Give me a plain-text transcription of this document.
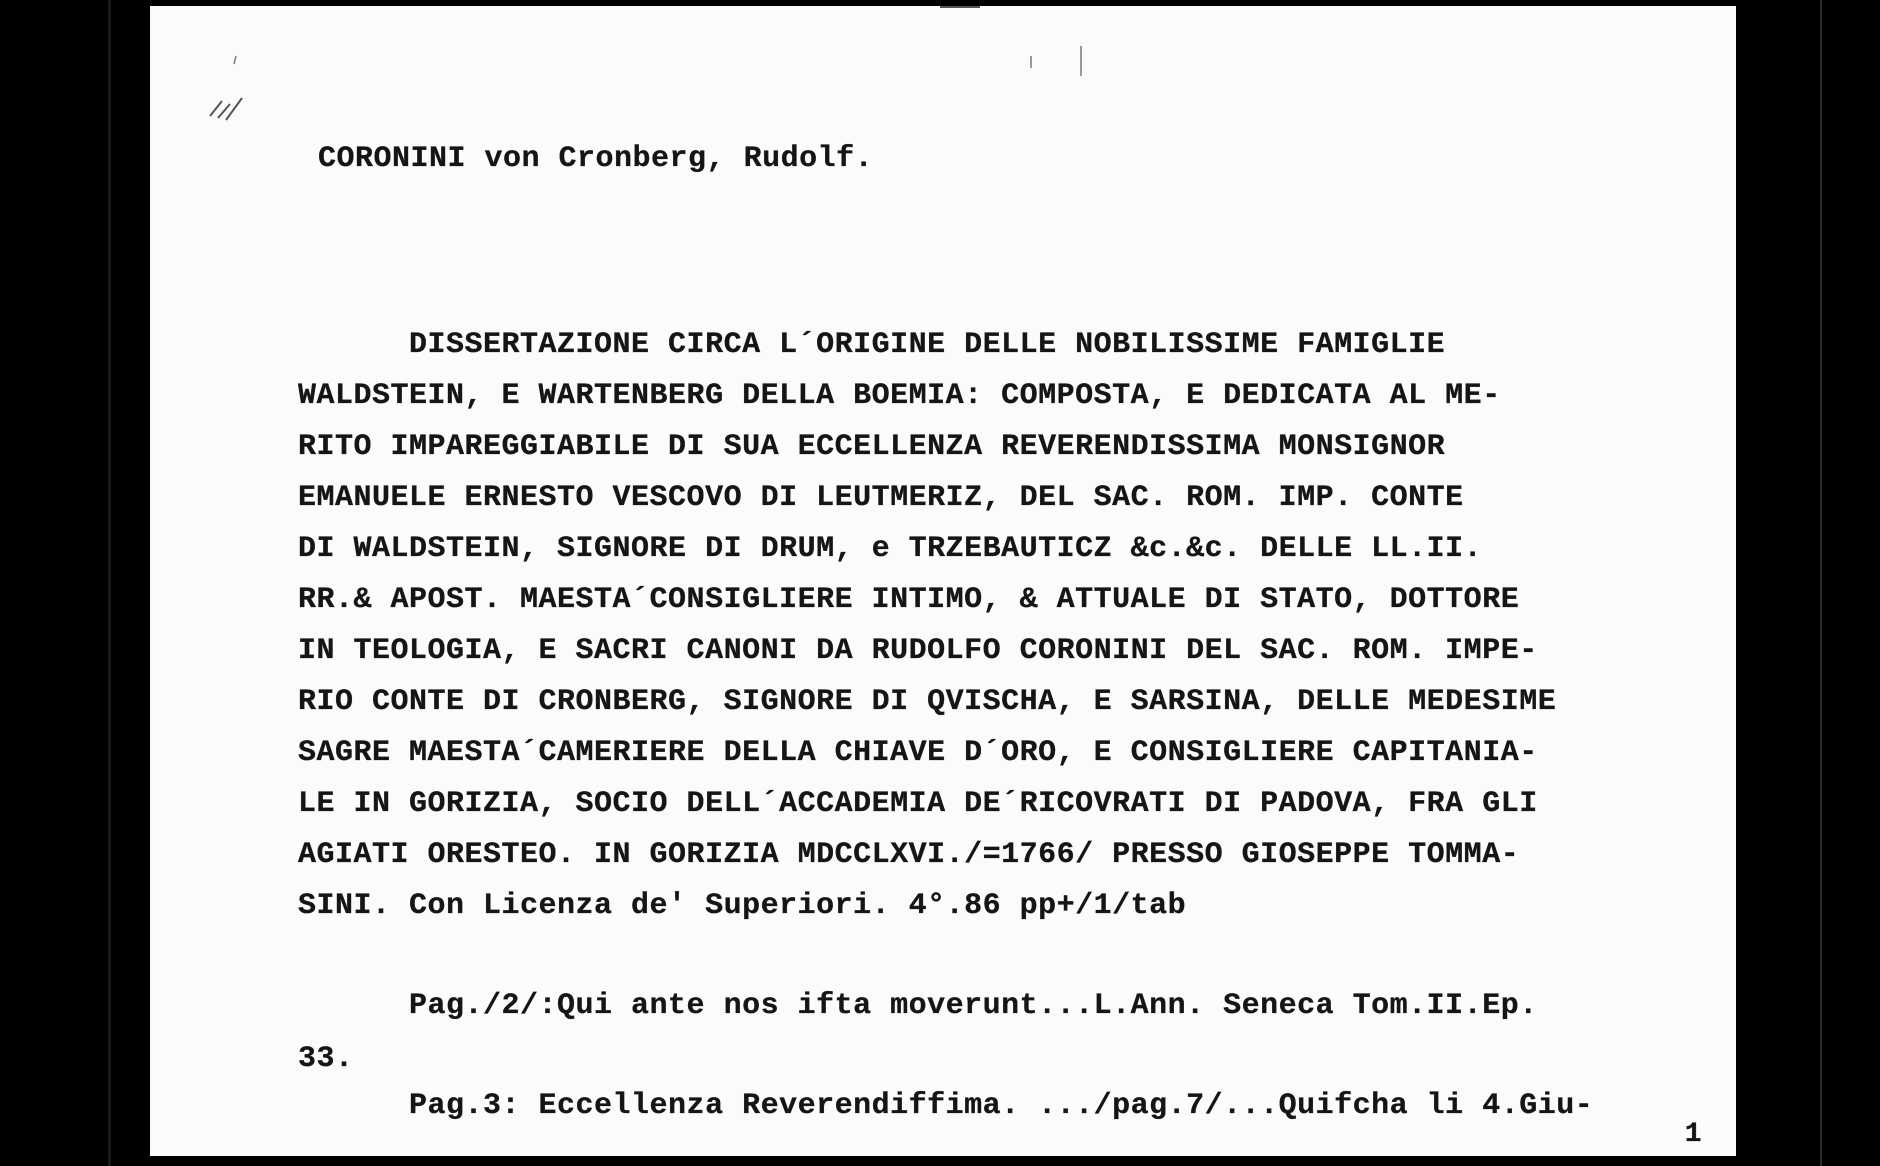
CORONINI von Cronberg, Rudolf.
DISSERTAZIONE CIRCA L´ORIGINE DELLE NOBILISSIME FAMIGLIE
WALDSTEIN, E WARTENBERG DELLA BOEMIA: COMPOSTA, E DEDICATA AL ME-
RITO IMPAREGGIABILE DI SUA ECCELLENZA REVERENDISSIMA MONSIGNOR
EMANUELE ERNESTO VESCOVO DI LEUTMERIZ, DEL SAC. ROM. IMP. CONTE
DI WALDSTEIN, SIGNORE DI DRUM, e TRZEBAUTICZ &c.&c. DELLE LL.II.
RR.& APOST. MAESTA´CONSIGLIERE INTIMO, & ATTUALE DI STATO, DOTTORE
IN TEOLOGIA, E SACRI CANONI DA RUDOLFO CORONINI DEL SAC. ROM. IMPE-
RIO CONTE DI CRONBERG, SIGNORE DI QVISCHA, E SARSINA, DELLE MEDESIME
SAGRE MAESTA´CAMERIERE DELLA CHIAVE D´ORO, E CONSIGLIERE CAPITANIA-
LE IN GORIZIA, SOCIO DELL´ACCADEMIA DE´RICOVRATI DI PADOVA, FRA GLI
AGIATI ORESTEO. IN GORIZIA MDCCLXVI./=1766/ PRESSO GIOSEPPE TOMMA-
SINI. Con Licenza de' Superiori. 4°.86 pp+/1/tab
Pag./2/:Qui ante nos ifta moverunt...L.Ann. Seneca Tom.II.Ep.
33.
Pag.3: Eccellenza Reverendiffima. .../pag.7/...Quifcha li 4.Giu-
1
